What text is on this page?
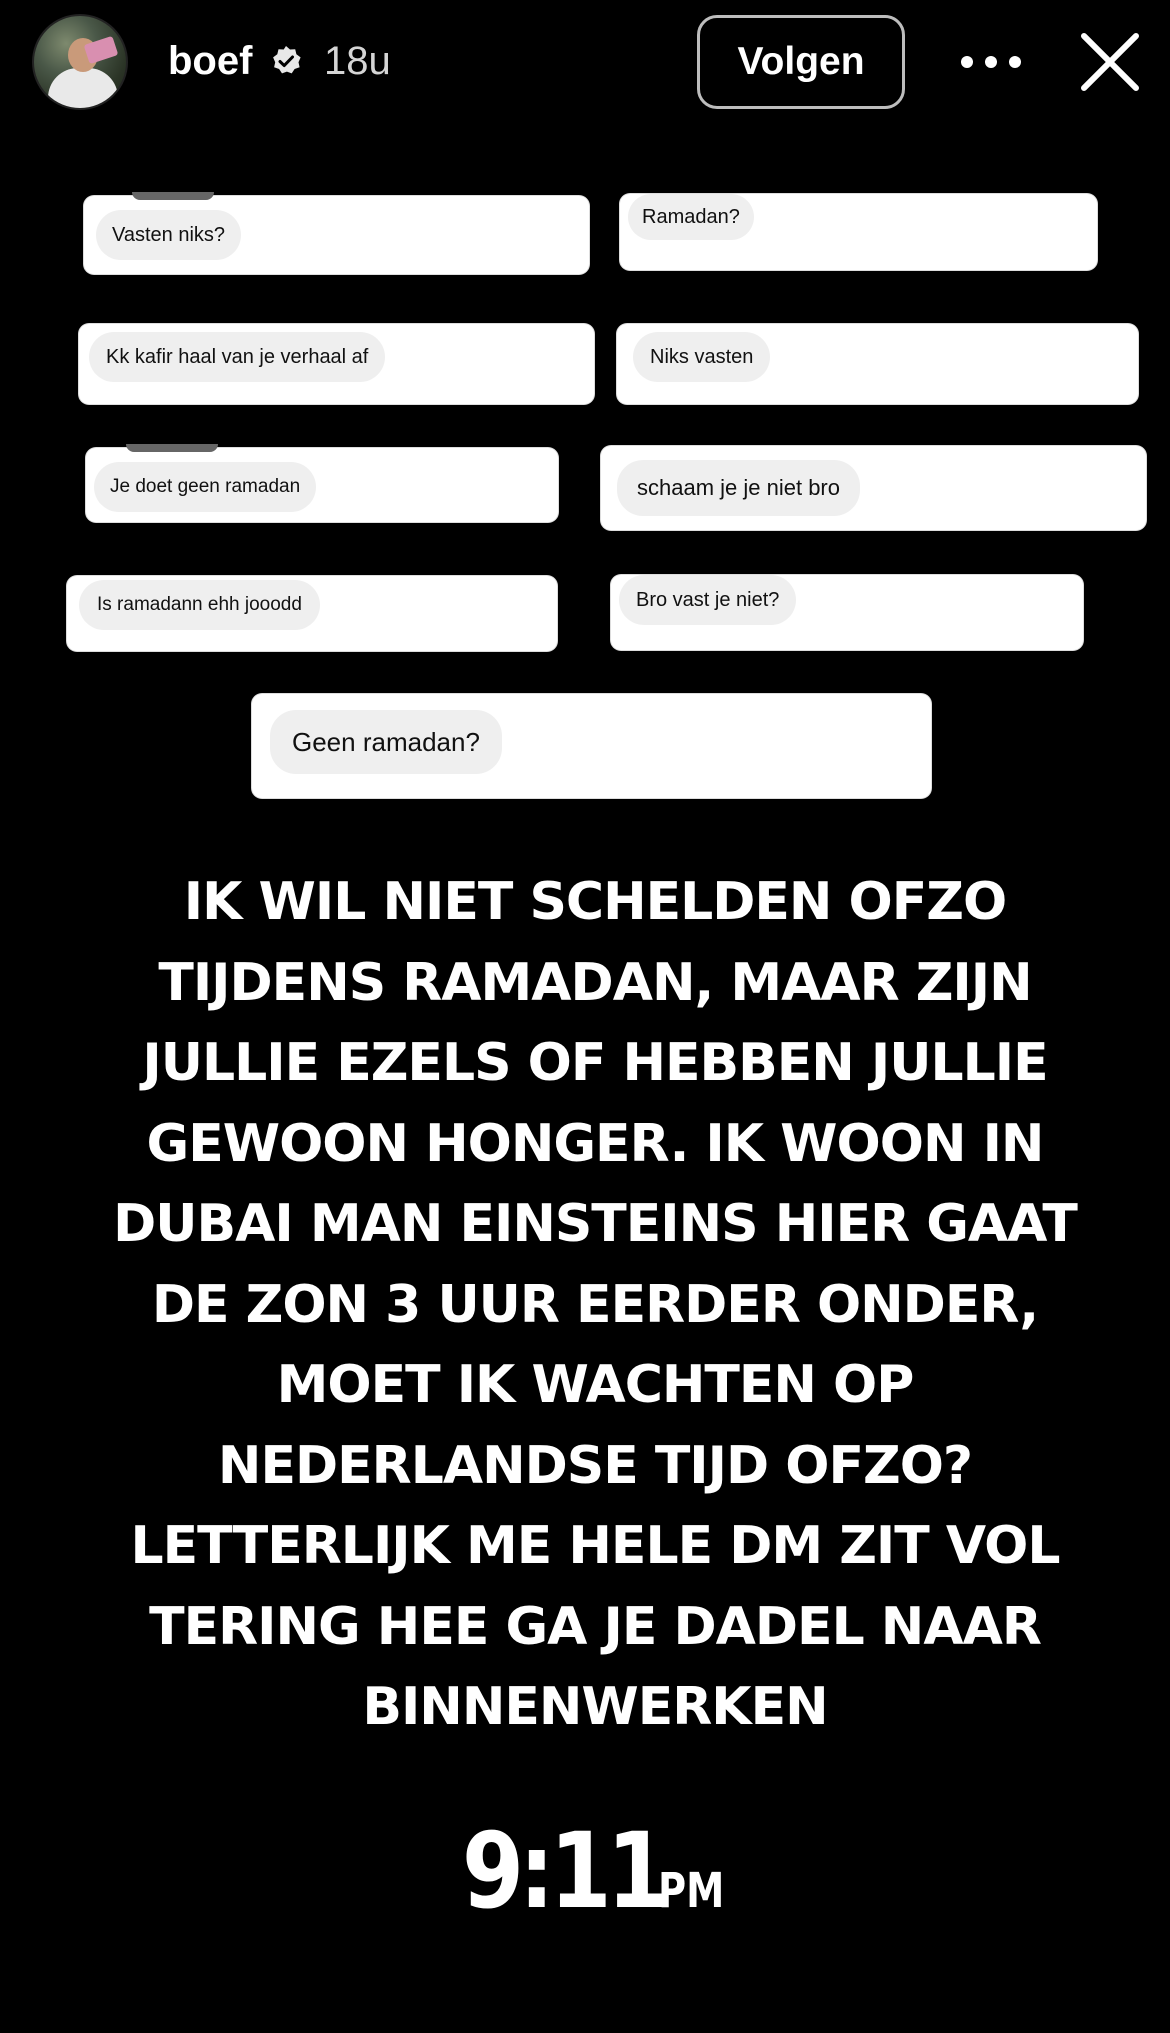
boef 18u	Volgen
Vasten niks?
Ramadan?
Kk kafir haal van je verhaal af	Niks vasten
Je doet geen ramadan	schaam je je niet bro
Is ramadann ehh jooodd	Bro vast je niet?
Geen ramadan?
IK WIL NIET SCHELDEN OFZO
TIJDENS RAMADAN, MAAR ZIJN
JULLIE EZELS OF HEBBEN JULLIE
GEWOON HONGER. IK WOON IN
DUBAI MAN EINSTEINS HIER GAAT
DE ZON 3 UUR EERDER ONDER,
MOET IK WACHTEN OP
NEDERLANDSE TIJD OFZO?
LETTERLIJK ME HELE DM ZIT VOL
TERING HEE GA JE DADEL NAAR
BINNENWERKEN
9:11PM
